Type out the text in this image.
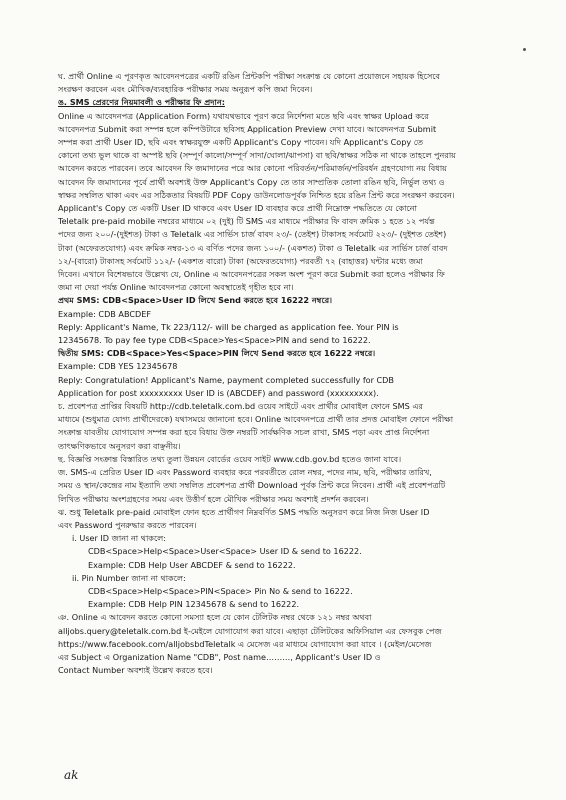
ঘ. প্রার্থী Online এ পূরণকৃত আবেদনপত্রের একটি রঙিন প্রিন্টকপি পরীক্ষা সংক্রান্ত যে কোনো প্রয়োজনে সহায়ক হিসেবে

সংরক্ষণ করবেন এবং মৌখিক/ব্যবহারিক পরীক্ষার সময় অনুরূপ কপি জমা দিবেন।

ঙ. SMS প্রেরণের নিয়মাবলী ও পরীক্ষার ফি প্রদান:

Online এ আবেদনপত্র (Application Form) যথাযথভাবে পূরণ করে নির্দেশনা মতে ছবি এবং স্বাক্ষর Upload করে

আবেদনপত্র Submit করা সম্পন্ন হলে কম্পিউটারে ছবিসহ Application Preview দেখা যাবে। আবেদনপত্র Submit

সম্পন্ন করা প্রার্থী User ID, ছবি এবং স্বাক্ষরযুক্ত একটি Applicant's Copy পাবেন। যদি Applicant's Copy তে

কোনো তথ্য ভুল থাকে বা অস্পষ্ট ছবি (সম্পূর্ণ কালো/সম্পূর্ণ সাদা/ঘোলা/ঝাপসা) বা ছবি/স্বাক্ষর সঠিক না থাকে তাহলে পুনরায়

আবেদন করতে পারবেন। তবে আবেদন ফি জমাদানের পরে আর কোনো পরিবর্তন/পরিমার্জন/পরিবর্ধন গ্রহণযোগ্য নয় বিধায়

আবেদন ফি জমাদানের পূর্বে প্রার্থী অবশ্যই উক্ত Applicant's Copy তে তার সাম্প্রতিক তোলা রঙিন ছবি, নির্ভুল তথ্য ও

স্বাক্ষর সম্বলিত থাকা এবং এর সঠিকতার বিষয়টি PDF Copy ডাউনলোডপূর্বক নিশ্চিত হয়ে রঙিন প্রিন্ট করে সংরক্ষণ করবেন।

Applicant's Copy তে একটি User ID থাকবে এবং User ID ব্যবহার করে প্রার্থী নিম্নোক্ত পদ্ধতিতে যে কোনো

Teletalk pre-paid mobile নম্বরের মাধ্যমে ০২ (দুই) টি SMS এর মাধ্যমে পরীক্ষার ফি বাবদ ক্রমিক ১ হতে ১২ পর্যন্ত

পদের জন্য ২০০/-(দুইশত) টাকা ও Teletalk এর সার্ভিস চার্জ বাবদ ২৩/- (তেইশ) টাকাসহ সর্বমোট ২২৩/- (দুইশত তেইশ)

টাকা (অফেরতযোগ্য) এবং ক্রমিক নম্বর-১৩ এ বর্ণিত পদের জন্য ১০০/- (একশত) টাকা ও Teletalk এর সার্ভিস চার্জ বাবদ

১২/-(বারো) টাকাসহ সর্বমোট ১১২/- (একশত বারো) টাকা (অফেরতযোগ্য) পরবর্তী ৭২ (বাহাত্তর) ঘন্টার মধ্যে জমা

দিবেন। এখানে বিশেষভাবে উল্লেখ্য যে, Online এ আবেদনপত্রের সকল অংশ পূরণ করে Submit করা হলেও পরীক্ষার ফি

জমা না দেয়া পর্যন্ত Online আবেদনপত্র কোনো অবস্থাতেই গৃহীত হবে না।

প্রথম SMS: CDB<Space>User ID লিখে Send করতে হবে 16222 নম্বরে।

Example: CDB ABCDEF

Reply: Applicant's Name, Tk 223/112/- will be charged as application fee. Your PIN is

12345678. To pay fee type CDB<Space>Yes<Space>PIN and send to 16222.

দ্বিতীয় SMS: CDB<Space>Yes<Space>PIN লিখে Send করতে হবে 16222 নম্বরে।

Example: CDB YES 12345678

Reply: Congratulation! Applicant's Name, payment completed successfully for CDB

Application for post xxxxxxxxx User ID is (ABCDEF) and password (xxxxxxxxx).

চ. প্রবেশপত্র প্রাপ্তির বিষয়টি http://cdb.teletalk.com.bd ওয়েব সাইটে এবং প্রার্থীর মোবাইল ফোনে SMS এর

মাধ্যমে (শুধুমাত্র যোগ্য প্রার্থীদেরকে) যথাসময়ে জানানো হবে। Online আবেদনপত্রে প্রার্থী তার প্রদত্ত মোবাইল ফোনে পরীক্ষা

সংক্রান্ত যাবতীয় যোগাযোগ সম্পন্ন করা হবে বিধায় উক্ত নম্বরটি সার্বক্ষণিক সচল রাখা, SMS পড়া এবং প্রাপ্ত নির্দেশনা

তাৎক্ষণিকভাবে অনুসরণ করা বাঞ্ছনীয়।

ছ. বিজ্ঞপ্তি সংক্রান্ত বিস্তারিত তথ্য তুলা উন্নয়ন বোর্ডের ওয়েব সাইট www.cdb.gov.bd হতেও জানা যাবে।

জ. SMS-এ প্রেরিত User ID এবং Password ব্যবহার করে পরবর্তীতে রোল নম্বর, পদের নাম, ছবি, পরীক্ষার তারিখ,

সময় ও স্থান/কেন্দ্রের নাম ইত্যাদি তথ্য সম্বলিত প্রবেশপত্র প্রার্থী Download পূর্বক প্রিন্ট করে নিবেন। প্রার্থী এই প্রবেশপত্রটি

লিখিত পরীক্ষায় অংশগ্রহণের সময় এবং উত্তীর্ণ হলে মৌখিক পরীক্ষার সময় অবশ্যই প্রদর্শন করবেন।

ঝ. শুধু Teletalk pre-paid মোবাইল ফোন হতে প্রার্থীগণ নিম্নবর্ণিত SMS পদ্ধতি অনুসরণ করে নিজ নিজ User ID

এবং Password পুনরুদ্ধার করতে পারবেন।

i. User ID জানা না থাকলে:

CDB<Space>Help<Space>User<Space> User ID & send to 16222.

Example: CDB Help User ABCDEF & send to 16222.

ii. Pin Number জানা না থাকলে:

CDB<Space>Help<Space>PIN<Space> Pin No & send to 16222.

Example: CDB Help PIN 12345678 & send to 16222.

ঞ. Online এ আবেদন করতে কোনো সমস্যা হলে যে কোন টেলিটক নম্বর থেকে ১২১ নম্বর অথবা

alljobs.query@teletalk.com.bd ই-মেইলে যোগাযোগ করা যাবে। এছাড়া টেলিটকের অফিসিয়াল এর ফেসবুক পেজ

https://www.facebook.com/alljobsbdTeletalk এ মেসেজ এর মাধ্যমে যোগাযোগ করা যাবে । (মেইল/মেসেজ

এর Subject এ Organization Name "CDB", Post name………, Applicant's User ID ও

Contact Number অবশ্যই উল্লেখ করতে হবে।

ak
